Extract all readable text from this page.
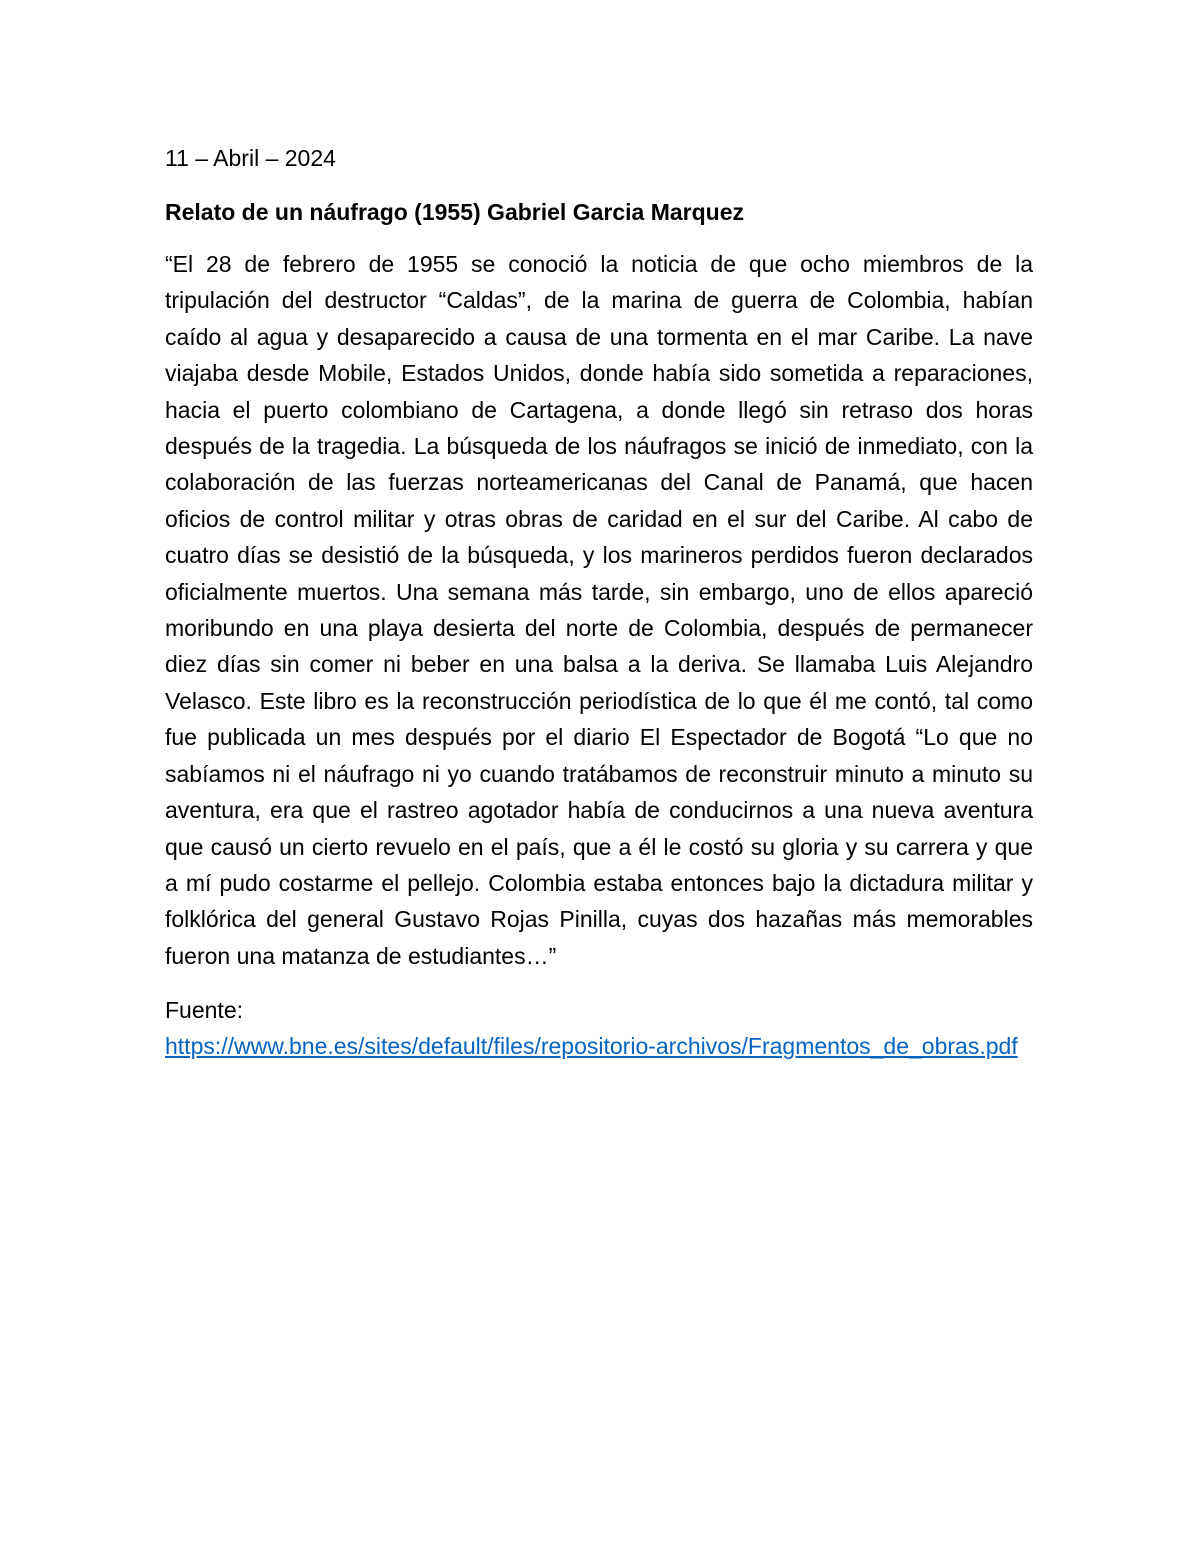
11 – Abril – 2024

Relato de un náufrago (1955) Gabriel Garcia Marquez

“El 28 de febrero de 1955 se conoció la noticia de que ocho miembros de la tripulación del destructor “Caldas”, de la marina de guerra de Colombia, habían caído al agua y desaparecido a causa de una tormenta en el mar Caribe. La nave viajaba desde Mobile, Estados Unidos, donde había sido sometida a reparaciones, hacia el puerto colombiano de Cartagena, a donde llegó sin retraso dos horas después de la tragedia. La búsqueda de los náufragos se inició de inmediato, con la colaboración de las fuerzas norteamericanas del Canal de Panamá, que hacen oficios de control militar y otras obras de caridad en el sur del Caribe. Al cabo de cuatro días se desistió de la búsqueda, y los marineros perdidos fueron declarados oficialmente muertos. Una semana más tarde, sin embargo, uno de ellos apareció moribundo en una playa desierta del norte de Colombia, después de permanecer diez días sin comer ni beber en una balsa a la deriva. Se llamaba Luis Alejandro Velasco. Este libro es la reconstrucción periodística de lo que él me contó, tal como fue publicada un mes después por el diario El Espectador de Bogotá “Lo que no sabíamos ni el náufrago ni yo cuando tratábamos de reconstruir minuto a minuto su aventura, era que el rastreo agotador había de conducirnos a una nueva aventura que causó un cierto revuelo en el país, que a él le costó su gloria y su carrera y que a mí pudo costarme el pellejo. Colombia estaba entonces bajo la dictadura militar y folklórica del general Gustavo Rojas Pinilla, cuyas dos hazañas más memorables fueron una matanza de estudiantes…”

Fuente:

https://www.bne.es/sites/default/files/repositorio-archivos/Fragmentos_de_obras.pdf
